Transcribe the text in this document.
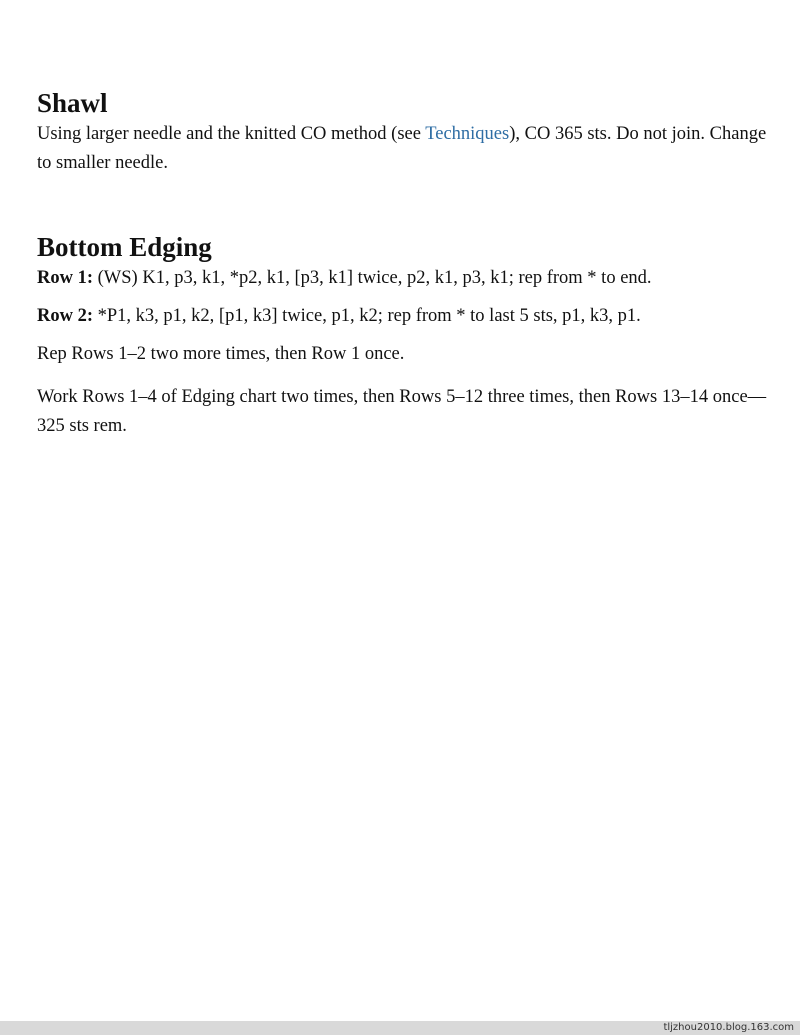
Shawl

Using larger needle and the knitted CO method (see Techniques), CO 365 sts. Do not join. Change to smaller needle.

Bottom Edging

Row 1: (WS) K1, p3, k1, *p2, k1, [p3, k1] twice, p2, k1, p3, k1; rep from * to end.

Row 2: *P1, k3, p1, k2, [p1, k3] twice, p1, k2; rep from * to last 5 sts, p1, k3, p1.

Rep Rows 1–2 two more times, then Row 1 once.

Work Rows 1–4 of Edging chart two times, then Rows 5–12 three times, then Rows 13–14 once—325 sts rem.

tljzhou2010.blog.163.com
